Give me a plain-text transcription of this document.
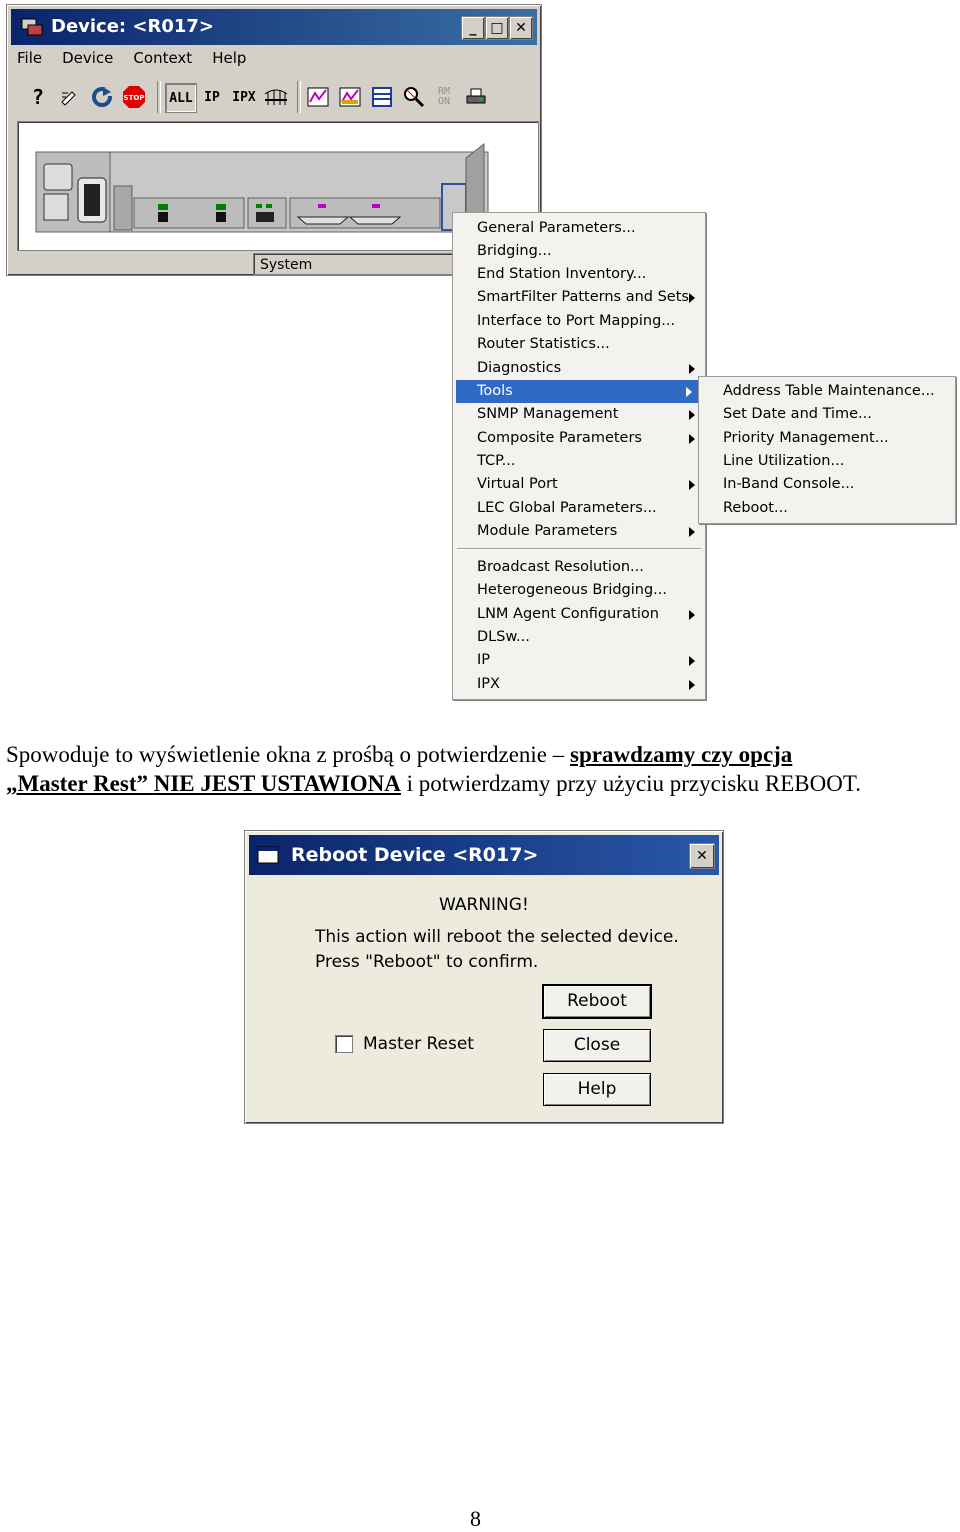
Device: <R017>	_ □ ✕
File Device Context Help
?	STOP ALL IP IPX	RM
ON
System
General Parameters...
Bridging...
End Station Inventory...
SmartFilter Patterns and Sets
Interface to Port Mapping...
Router Statistics...
Diagnostics
Tools
SNMP Management
Composite Parameters
TCP...
Virtual Port
LEC Global Parameters...
Module Parameters
Broadcast Resolution...
Heterogeneous Bridging...
LNM Agent Configuration
DLSw...
IP
IPX
Address Table Maintenance...
Set Date and Time...
Priority Management...
Line Utilization...
In-Band Console...
Reboot...
Spowoduje to wyświetlenie okna z prośbą o potwierdzenie – sprawdzamy czy opcja
„Master Rest” NIE JEST USTAWIONA i potwierdzamy przy użyciu przycisku REBOOT.
Reboot Device <R017>	✕
WARNING!
This action will reboot the selected device.
Press "Reboot" to confirm.
Reboot
Close
Help
Master Reset
8
